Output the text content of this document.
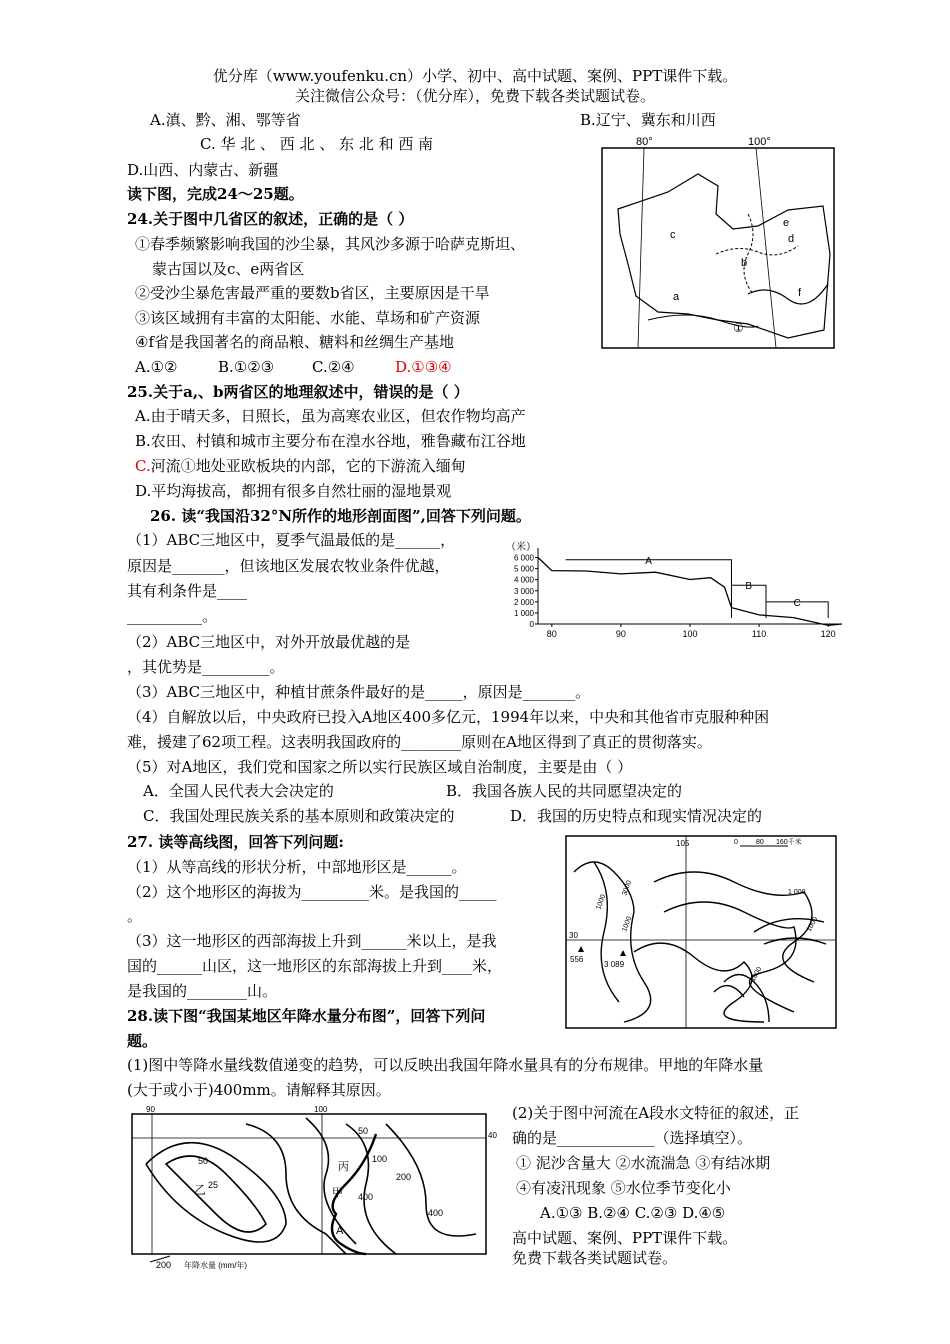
优分库（www.youfenku.cn）小学、初中、高中试题、案例、PPT课件下载。
关注微信公众号：（优分库），免费下载各类试题试卷。
A.滇、黔、湘、鄂等省	B.辽宁、冀东和川西
C. 华 北 、 西 北 、 东 北 和 西 南
D.山西、内蒙古、新疆
读下图，完成24～25题。
24.关于图中几省区的叙述，正确的是（ ）
①春季频繁影响我国的沙尘暴，其风沙多源于哈萨克斯坦、
蒙古国以及c、e两省区
②受沙尘暴危害最严重的要数b省区，主要原因是干旱
③该区域拥有丰富的太阳能、水能、草场和矿产资源
④f省是我国著名的商品粮、糖料和丝绸生产基地
A.①②	B.①②③	C.②④	D.①③④
80°	100°
c
a
b
e
d
f
①
25.关于a,、b两省区的地理叙述中，错误的是（ ）
A.由于晴天多，日照长，虽为高寒农业区，但农作物均高产
B.农田、村镇和城市主要分布在湟水谷地，雅鲁藏布江谷地
C.河流①地处亚欧板块的内部，它的下游流入缅甸
D.平均海拔高，都拥有很多自然壮丽的湿地景观
26. 读“我国沿32°N所作的地形剖面图”,回答下列问题。
（1）ABC三地区中，夏季气温最低的是______，
原因是_______，但该地区发展农牧业条件优越，
其有利条件是____
__________。
（2）ABC三地区中，对外开放最优越的是
，其优势是_________。
（米）
6 000
5 000
4 000
3 000
2 000
1 000
0
80	90	100	110	120
A
B
C
（3）ABC三地区中，种植甘蔗条件最好的是_____，原因是_______。
（4）自解放以后，中央政府已投入A地区400多亿元，1994年以来，中央和其他省市克服种种困
难，援建了62项工程。这表明我国政府的________原则在A地区得到了真正的贯彻落实。
（5）对A地区，我们党和国家之所以实行民族区域自治制度，主要是由（ ）
A．全国人民代表大会决定的	B．我国各族人民的共同愿望决定的
C．我国处理民族关系的基本原则和政策决定的	D．我国的历史特点和现实情况决定的
27. 读等高线图，回答下列问题:
（1）从等高线的形状分析，中部地形区是______。
（2）这个地形区的海拔为_________米。是我国的_____
。
（3）这一地形区的西部海拔上升到______米以上，是我
国的______山区，这一地形区的东部海拔上升到____米，
是我国的________山。
105
30
0	80 160千米
556
3 089
1000
3000
1000
1000
1000
1 000
28.读下图“我国某地区年降水量分布图”，回答下列问
题。
(1)图中等降水量线数值递变的趋势，可以反映出我国年降水量具有的分布规律。甲地的年降水量
(大于或小于)400mm。请解释其原因。
90	100
40
50
25
50
100
200
400
400
乙
丙
甲
A
200 年降水量 (mm/年)
(2)关于图中河流在A段水文特征的叙述，正
确的是_____________（选择填空）。
① 泥沙含量大 ②水流湍急 ③有结冰期
④有凌汛现象 ⑤水位季节变化小
A.①③ B.②④ C.②③ D.④⑤
高中试题、案例、PPT课件下载。
免费下载各类试题试卷。
